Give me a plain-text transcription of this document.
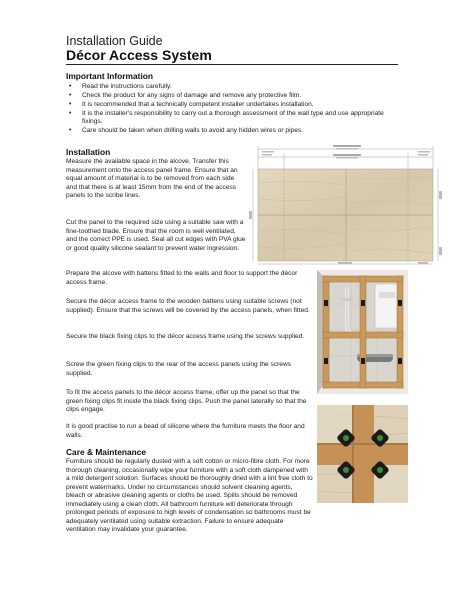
Installation Guide
Décor Access System
Important Information
• Read the instructions carefully.
• Check the product for any signs of damage and remove any protective film.
• It is recommended that a technically competent installer undertakes installation.
• It is the installer's responsibility to carry out a thorough assessment of the wall type and use appropriate fixings.
• Care should be taken when drilling walls to avoid any hidden wires or pipes.
Installation

Measure the available space in the alcove. Transfer this measurement onto the access panel frame. Ensure that an equal amount of material is to be removed from each side and that there is at least 15mm from the end of the access panels to the scribe lines.

Cut the panel to the required size using a suitable saw with a fine-toothed blade. Ensure that the room is well ventilated, and the correct PPE is used. Seal all cut edges with PVA glue or good quality silicone sealant to prevent water ingression.

Prepare the alcove with battens fitted to the walls and floor to support the décor access frame.

Secure the décor access frame to the wooden battens using suitable screws (not supplied). Ensure that the screws will be covered by the access panels, when fitted.

Secure the black fixing clips to the décor access frame using the screws supplied.

Screw the green fixing clips to the rear of the access panels using the screws supplied.

To fit the access panels to the décor access frame, offer up the panel so that the green fixing clips fit inside the black fixing clips. Push the panel laterally so that the clips engage.

It is good practise to run a bead of silicone where the furniture meets the floor and walls.

Care & Maintenance

Furniture should be regularly dusted with a soft cotton or micro-fibre cloth. For more thorough cleaning, occasionally wipe your furniture with a soft cloth dampened with a mild detergent solution. Surfaces should be thoroughly dried with a lint free cloth to prevent watermarks. Under no circumstances should solvent cleaning agents, bleach or abrasive cleaning agents or cloths be used. Spills should be removed immediately using a clean cloth. All bathroom furniture will deteriorate through prolonged periods of exposure to high levels of condensation so bathrooms must be adequately ventilated using suitable extraction. Failure to ensure adequate ventilation may invalidate your guarantee.
